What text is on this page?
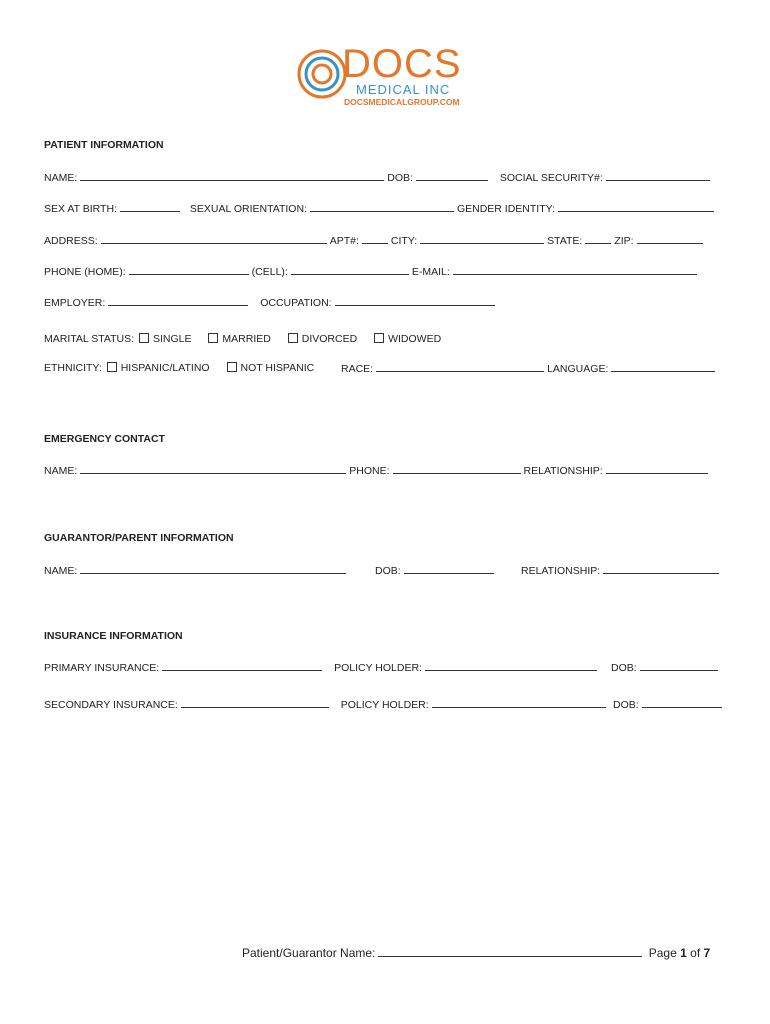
DOCS
MEDICAL INC
DOCSMEDICALGROUP.COM
PATIENT INFORMATION
NAME:	DOB:	SOCIAL SECURITY#:
SEX AT BIRTH:	SEXUAL ORIENTATION:	GENDER IDENTITY:
ADDRESS:	APT#:	CITY:	STATE:	ZIP:
PHONE (HOME):	(CELL):	E-MAIL:
EMPLOYER:	OCCUPATION:
MARITAL STATUS: SINGLE	MARRIED	DIVORCED	WIDOWED
ETHNICITY: HISPANIC/LATINO	NOT HISPANIC	RACE:	LANGUAGE:
EMERGENCY CONTACT
NAME:	PHONE:	RELATIONSHIP:
GUARANTOR/PARENT INFORMATION
NAME:	DOB:	RELATIONSHIP:
INSURANCE INFORMATION
PRIMARY INSURANCE:	POLICY HOLDER:	DOB:
SECONDARY INSURANCE:	POLICY HOLDER:	DOB:
Patient/Guarantor Name:	Page 1 of 7
